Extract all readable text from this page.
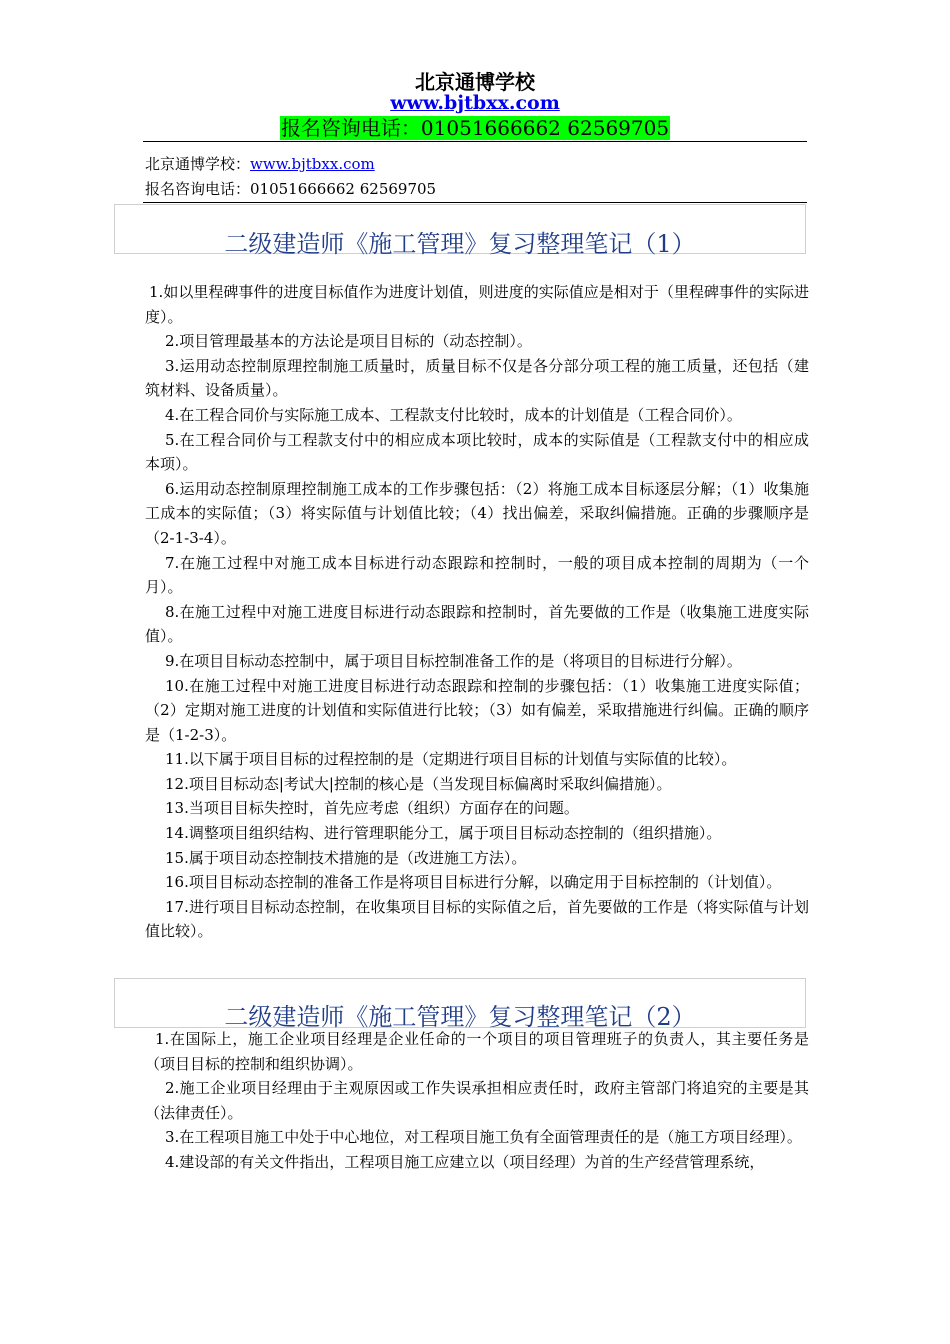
北京通博学校
www.bjtbxx.com
报名咨询电话：01051666662 62569705
北京通博学校：www.bjtbxx.com
报名咨询电话：01051666662 62569705
二级建造师《施工管理》复习整理笔记（1）

1.如以里程碑事件的进度目标值作为进度计划值，则进度的实际值应是相对于（里程碑事件的实际进度）。

2.项目管理最基本的方法论是项目目标的（动态控制）。

3.运用动态控制原理控制施工质量时，质量目标不仅是各分部分项工程的施工质量，还包括（建筑材料、设备质量）。

4.在工程合同价与实际施工成本、工程款支付比较时，成本的计划值是（工程合同价）。

5.在工程合同价与工程款支付中的相应成本项比较时，成本的实际值是（工程款支付中的相应成本项）。

6.运用动态控制原理控制施工成本的工作步骤包括：（2）将施工成本目标逐层分解；（1）收集施工成本的实际值；（3）将实际值与计划值比较；（4）找出偏差，采取纠偏措施。正确的步骤顺序是（2-1-3-4）。

7.在施工过程中对施工成本目标进行动态跟踪和控制时，一般的项目成本控制的周期为（一个月）。

8.在施工过程中对施工进度目标进行动态跟踪和控制时，首先要做的工作是（收集施工进度实际值）。

9.在项目目标动态控制中，属于项目目标控制准备工作的是（将项目的目标进行分解）。

10.在施工过程中对施工进度目标进行动态跟踪和控制的步骤包括：（1）收集施工进度实际值；（2）定期对施工进度的计划值和实际值进行比较；（3）如有偏差，采取措施进行纠偏。正确的顺序是（1-2-3）。

11.以下属于项目目标的过程控制的是（定期进行项目目标的计划值与实际值的比较）。

12.项目目标动态|考试大|控制的核心是（当发现目标偏离时采取纠偏措施）。

13.当项目目标失控时，首先应考虑（组织）方面存在的问题。

14.调整项目组织结构、进行管理职能分工，属于项目目标动态控制的（组织措施）。

15.属于项目动态控制技术措施的是（改进施工方法）。

16.项目目标动态控制的准备工作是将项目目标进行分解，以确定用于目标控制的（计划值）。

17.进行项目目标动态控制，在收集项目目标的实际值之后，首先要做的工作是（将实际值与计划值比较）。

二级建造师《施工管理》复习整理笔记（2）

1.在国际上，施工企业项目经理是企业任命的一个项目的项目管理班子的负责人，其主要任务是（项目目标的控制和组织协调）。

2.施工企业项目经理由于主观原因或工作失误承担相应责任时，政府主管部门将追究的主要是其（法律责任）。

3.在工程项目施工中处于中心地位，对工程项目施工负有全面管理责任的是（施工方项目经理）。

4.建设部的有关文件指出，工程项目施工应建立以（项目经理）为首的生产经营管理系统，
